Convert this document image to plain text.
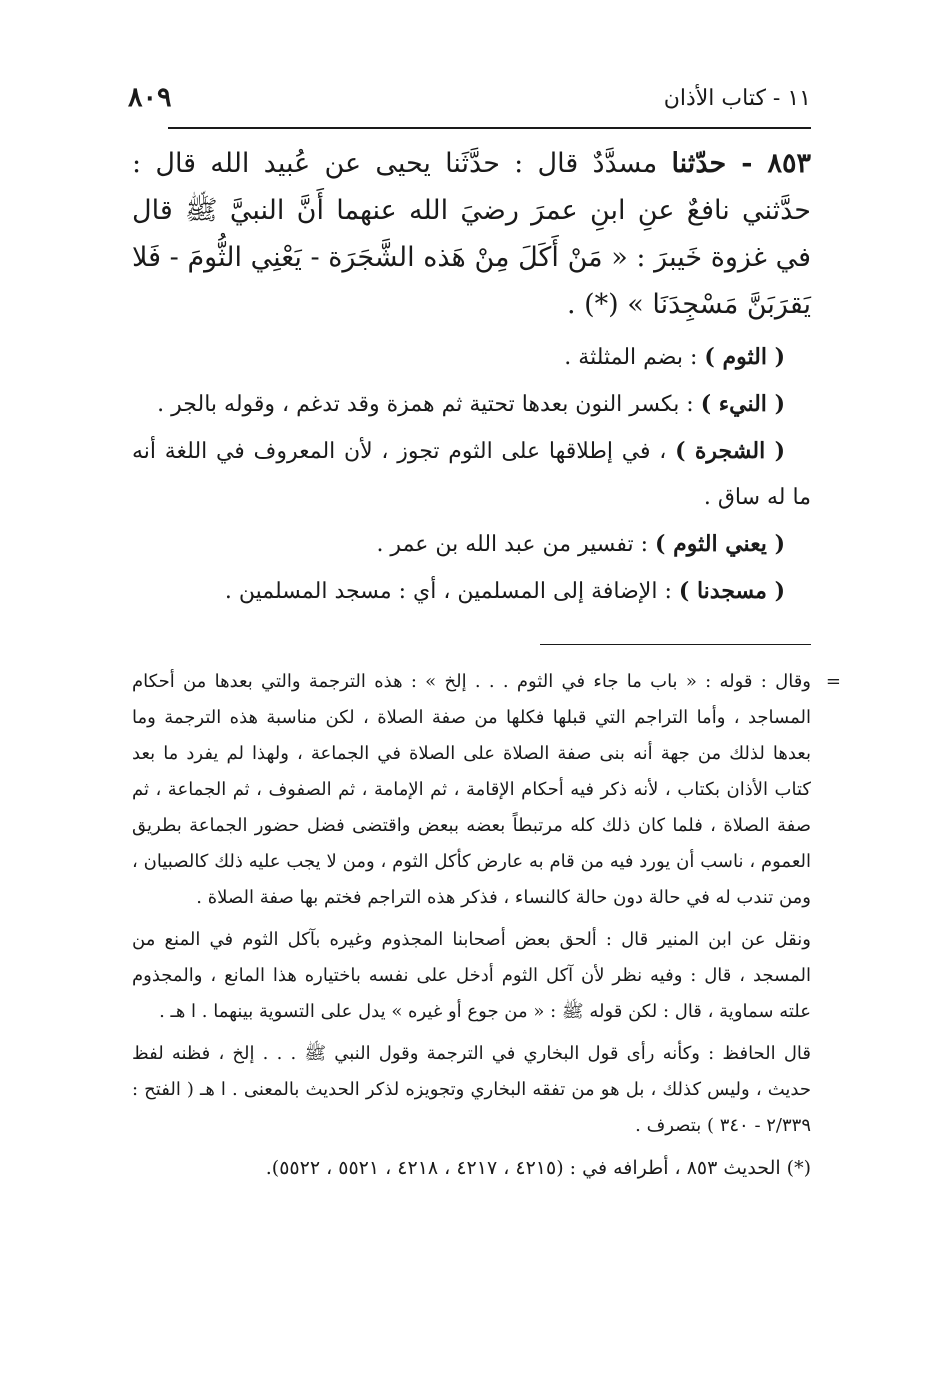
١١ - كتاب الأذان
٨٠٩

٨٥٣ - حدّثنا مسدَّدٌ قال : حدَّثَنا يحيى عن عُبيد الله قال : حدَّثني نافعٌ عنِ ابنِ عمرَ رضيَ الله عنهما أَنَّ النبيَّ ﷺ قال في غزوة خَيبرَ : « مَنْ أَكَلَ مِنْ هَذه الشَّجَرَة - يَعْنِي الثُّومَ - فَلا يَقرَبَنَّ مَسْجِدَنَا » (*) .

( الثوم ) : بضم المثلثة .

( النيء ) : بكسر النون بعدها تحتية ثم همزة وقد تدغم ، وقوله بالجر .

( الشجرة ) ، في إطلاقها على الثوم تجوز ، لأن المعروف في اللغة أنه ما له ساق .

( يعني الثوم ) : تفسير من عبد الله بن عمر .

( مسجدنا ) : الإضافة إلى المسلمين ، أي : مسجد المسلمين .

=
وقال : قوله : « باب ما جاء في الثوم . . . إلخ » : هذه الترجمة والتي بعدها من أحكام المساجد ، وأما التراجم التي قبلها فكلها من صفة الصلاة ، لكن مناسبة هذه الترجمة وما بعدها لذلك من جهة أنه بنى صفة الصلاة على الصلاة في الجماعة ، ولهذا لم يفرد ما بعد كتاب الأذان بكتاب ، لأنه ذكر فيه أحكام الإقامة ، ثم الإمامة ، ثم الصفوف ، ثم الجماعة ، ثم صفة الصلاة ، فلما كان ذلك كله مرتبطاً بعضه ببعض واقتضى فضل حضور الجماعة بطريق العموم ، ناسب أن يورد فيه من قام به عارض كأكل الثوم ، ومن لا يجب عليه ذلك كالصبيان ، ومن تندب له في حالة دون حالة كالنساء ، فذكر هذه التراجم فختم بها صفة الصلاة .

ونقل عن ابن المنير قال : ألحق بعض أصحابنا المجذوم وغيره بآكل الثوم في المنع من المسجد ، قال : وفيه نظر لأن آكل الثوم أدخل على نفسه باختياره هذا المانع ، والمجذوم علته سماوية ، قال : لكن قوله ﷺ : « من جوع أو غيره » يدل على التسوية بينهما . ا هـ .

قال الحافظ : وكأنه رأى قول البخاري في الترجمة وقول النبي ﷺ . . . إلخ ، فظنه لفظ حديث ، وليس كذلك ، بل هو من تفقه البخاري وتجويزه لذكر الحديث بالمعنى . ا هـ ( الفتح : ٢/٣٣٩ - ٣٤٠ ) بتصرف .

(*) الحديث ٨٥٣ ، أطرافه في : (٤٢١٥ ، ٤٢١٧ ، ٤٢١٨ ، ٥٥٢١ ، ٥٥٢٢).
